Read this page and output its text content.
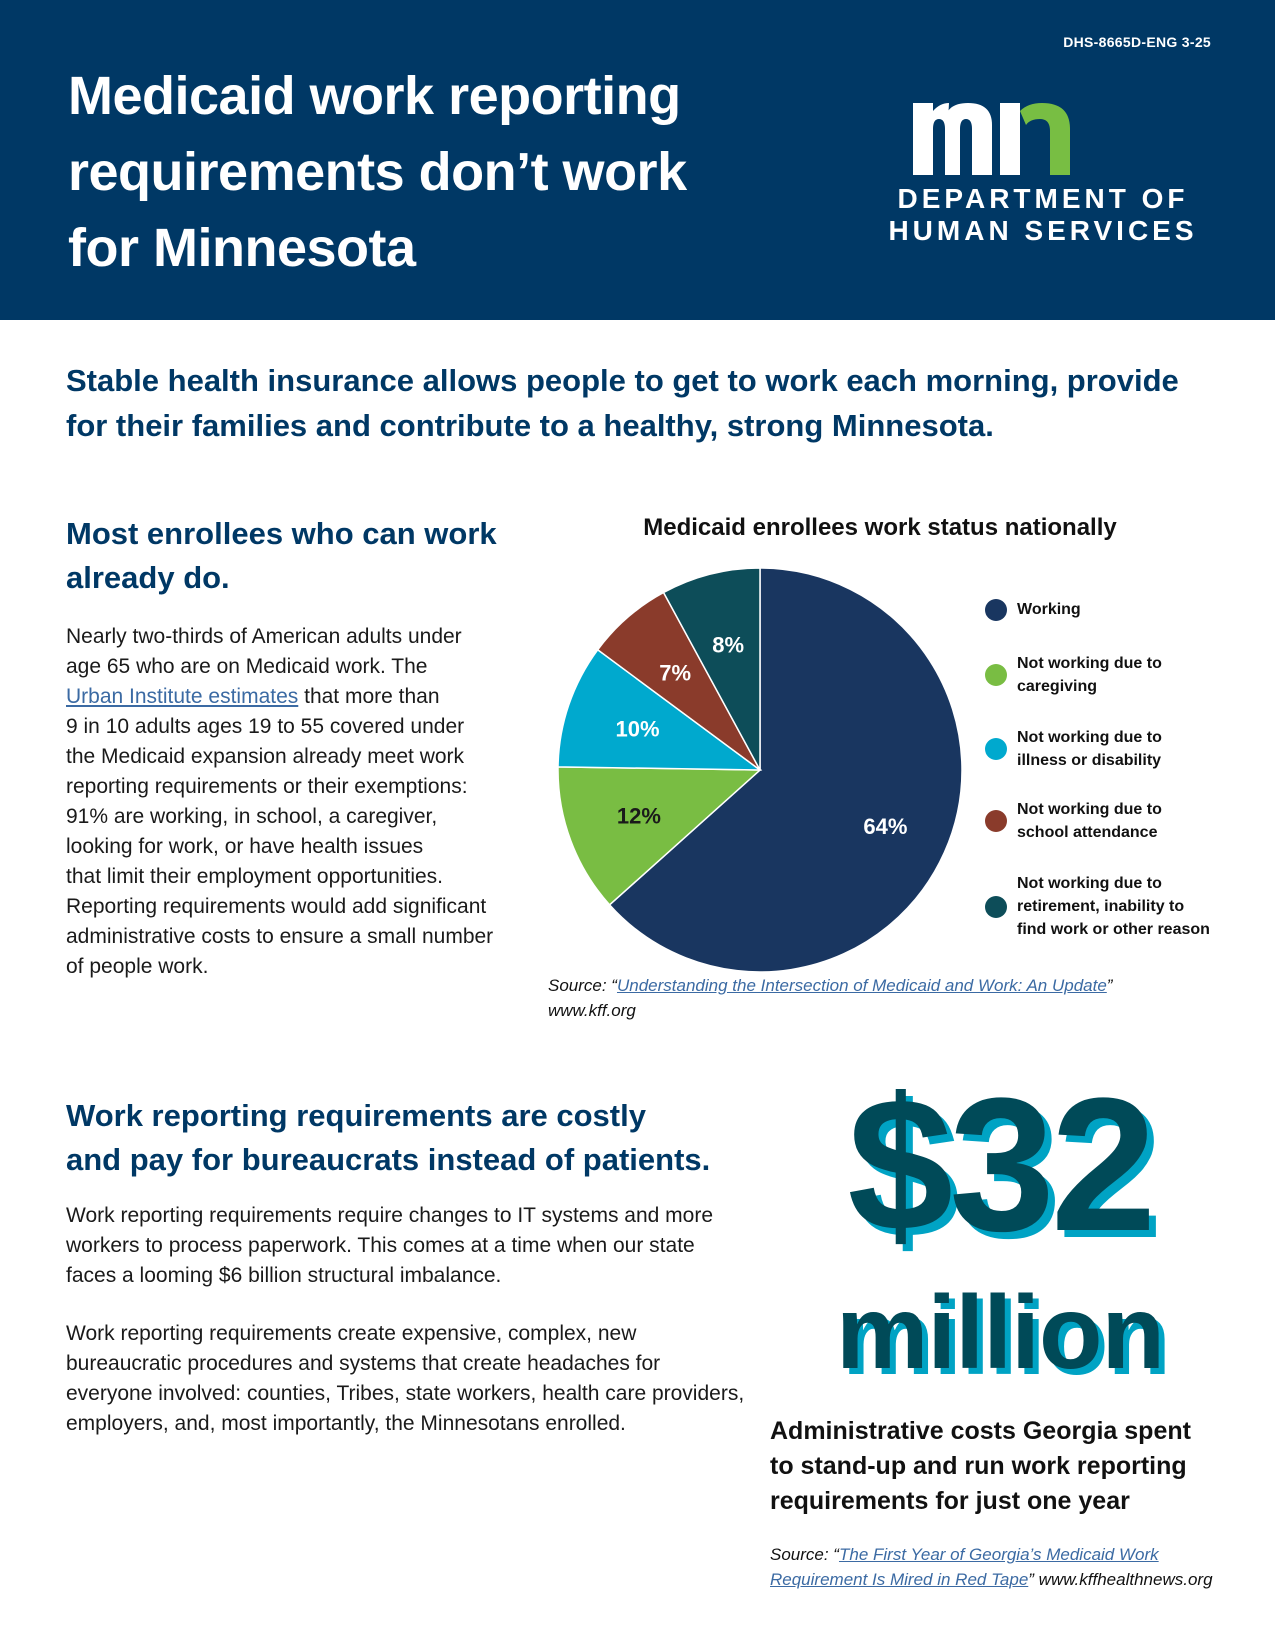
DHS-8665D-ENG 3-25
Medicaid work reporting
requirements don’t work
for Minnesota
DEPARTMENT OF
HUMAN SERVICES

Stable health insurance allows people to get to work each morning, provide
for their families and contribute to a healthy, strong Minnesota.

Most enrollees who can work
already do.

Nearly two-thirds of American adults under
age 65 who are on Medicaid work. The
Urban Institute estimates that more than
9 in 10 adults ages 19 to 55 covered under
the Medicaid expansion already meet work
reporting requirements or their exemptions:
91% are working, in school, a caregiver,
looking for work, or have health issues
that limit their employment opportunities.
Reporting requirements would add significant
administrative costs to ensure a small number
of people work.

Medicaid enrollees work status nationally
64%
12%
10%
7%
8%
Working
Not working due to
caregiving
Not working due to
illness or disability
Not working due to
school attendance
Not working due to
retirement, inability to
find work or other reason

Source: “Understanding the Intersection of Medicaid and Work: An Update”
www.kff.org

Work reporting requirements are costly
and pay for bureaucrats instead of patients.

Work reporting requirements require changes to IT systems and more
workers to process paperwork. This comes at a time when our state
faces a looming $6 billion structural imbalance.

Work reporting requirements create expensive, complex, new
bureaucratic procedures and systems that create headaches for
everyone involved: counties, Tribes, state workers, health care providers,
employers, and, most importantly, the Minnesotans enrolled.

$32
million

Administrative costs Georgia spent
to stand-up and run work reporting
requirements for just one year

Source: “The First Year of Georgia’s Medicaid Work
Requirement Is Mired in Red Tape” www.kffhealthnews.org
